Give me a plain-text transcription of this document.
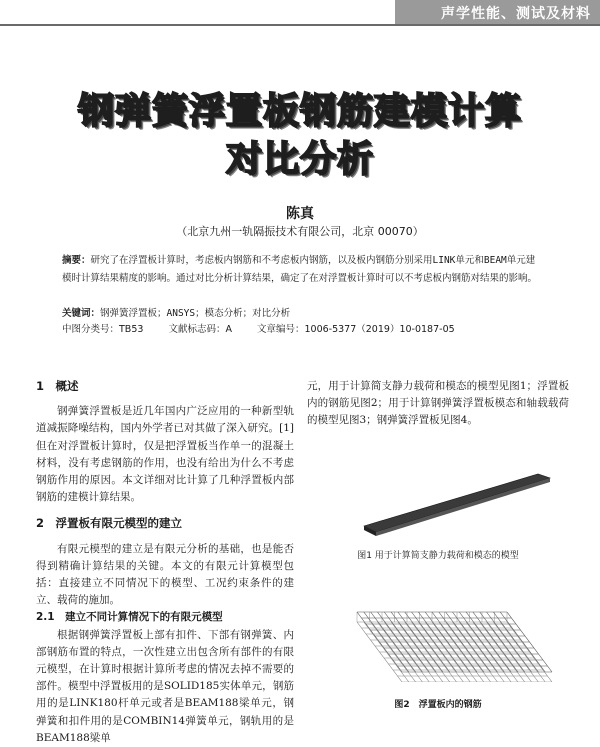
声学性能、测试及材料
钢弹簧浮置板钢筋建模计算
对比分析
陈真
（北京九州一轨隔振技术有限公司，北京 00070）
摘要：研究了在浮置板计算时，考虑板内钢筋和不考虑板内钢筋，以及板内钢筋分别采用LINK单元和BEAM单元建模时计算结果精度的影响。通过对比分析计算结果，确定了在对浮置板计算时可以不考虑板内钢筋对结果的影响。
关键词：钢弹簧浮置板；ANSYS；模态分析；对比分析
中图分类号：TB53	文献标志码：A	文章编号：1006-5377（2019）10-0187-05

1　概述

钢弹簧浮置板是近几年国内广泛应用的一种新型轨道减振降噪结构，国内外学者已对其做了深入研究。[1] 但在对浮置板计算时，仅是把浮置板当作单一的混凝土材料，没有考虑钢筋的作用，也没有给出为什么不考虑钢筋作用的原因。本文详细对比计算了几种浮置板内部钢筋的建模计算结果。

2　浮置板有限元模型的建立

有限元模型的建立是有限元分析的基础，也是能否得到精确计算结果的关键。本文的有限元计算模型包括：直接建立不同情况下的模型、工况约束条件的建立、载荷的施加。

2.1　建立不同计算情况下的有限元模型

根据钢弹簧浮置板上部有扣件、下部有钢弹簧、内部钢筋布置的特点，一次性建立出包含所有部件的有限元模型，在计算时根据计算所考虑的情况去掉不需要的部件。模型中浮置板用的是SOLID185实体单元，钢筋用的是LINK180杆单元或者是BEAM188梁单元，钢弹簧和扣件用的是COMBIN14弹簧单元，钢轨用的是BEAM188梁单

元，用于计算简支静力载荷和模态的模型见图1；浮置板内的钢筋见图2；用于计算钢弹簧浮置板模态和轴载载荷的模型见图3；钢弹簧浮置板见图4。

图1 用于计算简支静力载荷和模态的模型
图2　浮置板内的钢筋
